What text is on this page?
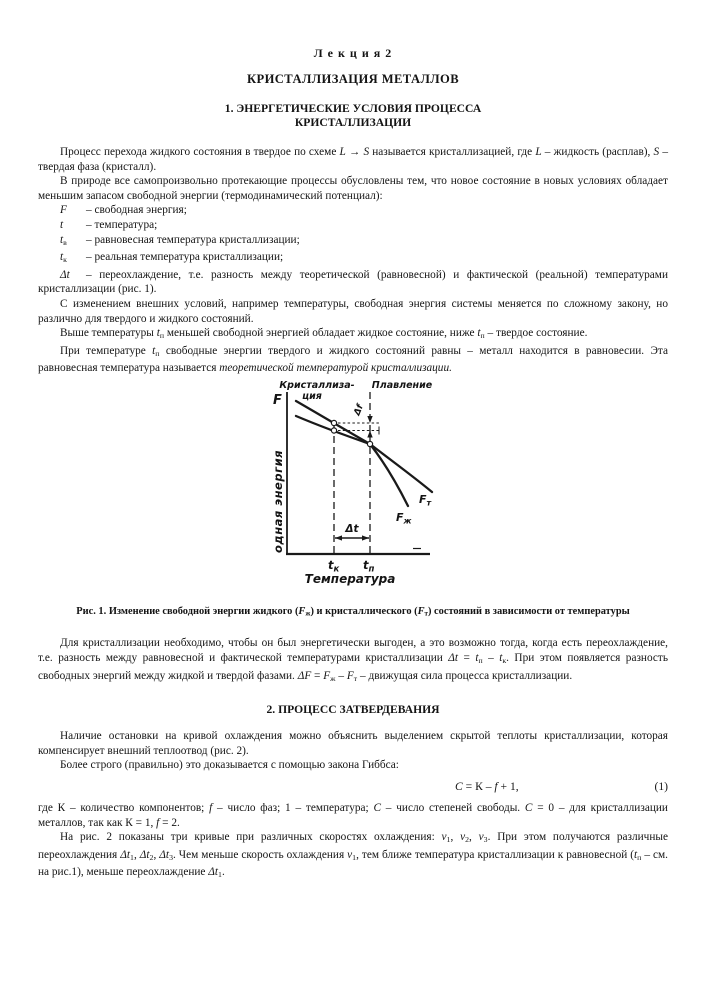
Л е к ц и я 2
КРИСТАЛЛИЗАЦИЯ МЕТАЛЛОВ
1. ЭНЕРГЕТИЧЕСКИЕ УСЛОВИЯ ПРОЦЕССА
КРИСТАЛЛИЗАЦИИ

Процесс перехода жидкого состояния в твердое по схеме L → S называется кристаллизацией, где L – жидкость (расплав), S – твердая фаза (кристалл).

В природе все самопроизвольно протекающие процессы обусловлены тем, что новое состояние в новых условиях обладает меньшим запасом свободной энергии (термодинамический потенциал):

F – свободная энергия;

t – температура;

tв – равновесная температура кристаллизации;

tк – реальная температура кристаллизации;

Δt – переохлаждение, т.е. разность между теоретической (равновесной) и фактической (реальной) температурами кристаллизации (рис. 1).

С изменением внешних условий, например температуры, свободная энергия системы меняется по сложному закону, но различно для твердого и жидкого состояний.

Выше температуры tп меньшей свободной энергией обладает жидкое состояние, ниже tп – твердое состояние.

При температуре tп свободные энергии твердого и жидкого состояний равны – металл находится в равновесии. Эта равновесная температура называется теоретической температурой кристаллизации.

F
одная энергия
Кристаллиза-
ция
Плавление
Δf
Δt
$F_ж$
$F_т$
$t_к$ $t_п$
Температура

Рис. 1. Изменение свободной энергии жидкого (Fж) и кристаллического (Fт) состояний в зависимости от температуры

Для кристаллизации необходимо, чтобы он был энергетически выгоден, а это возможно тогда, когда есть переохлаждение, т.е. разность между равновесной и фактической температурами кристаллизации Δt = tп – tк. При этом появляется разность свободных энергий между жидкой и твердой фазами. ΔF = Fж – Fт – движущая сила процесса кристаллизации.

2. ПРОЦЕСС ЗАТВЕРДЕВАНИЯ

Наличие остановки на кривой охлаждения можно объяснить выделением скрытой теплоты кристаллизации, которая компенсирует внешний теплоотвод (рис. 2).

Более строго (правильно) это доказывается с помощью закона Гиббса:

C = К – f + 1,	(1)

где К – количество компонентов; f – число фаз; 1 – температура; C – число степеней свободы. C = 0 – для кристаллизации металлов, так как К = 1, f = 2.

На рис. 2 показаны три кривые при различных скоростях охлаждения: v1, v2, v3. При этом получаются различные переохлаждения Δt1, Δt2, Δt3. Чем меньше скорость охлаждения v1, тем ближе температура кристаллизации к равновесной (tп – см. на рис.1), меньше переохлаждение Δt1.
